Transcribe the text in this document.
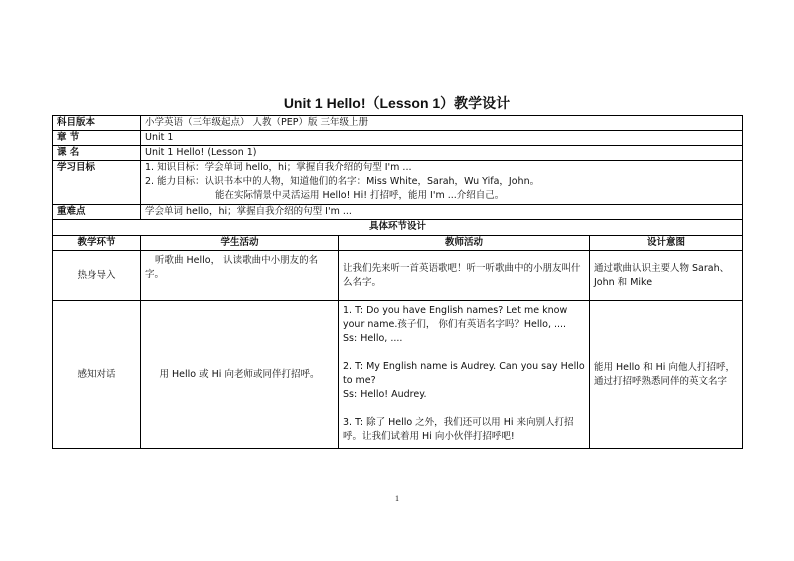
Unit 1 Hello!（Lesson 1）教学设计
科目版本	小学英语（三年级起点） 人教（PEP）版 三年级上册		
章 节	Unit 1		
课 名	Unit 1 Hello! (Lesson 1)		
学习目标	1. 知识目标：学会单词 hello，hi；掌握自我介绍的句型 I'm ...
2. 能力目标：认识书本中的人物，知道他们的名字：Miss White，Sarah，Wu Yifa，John。
能在实际情景中灵活运用 Hello! Hi! 打招呼，能用 I'm ...介绍自己。		

重难点	学会单词 hello，hi；掌握自我介绍的句型 I'm ...		
具体环节设计			
教学环节	学生活动	教师活动	设计意图
热身导入	听歌曲 Hello， 认读歌曲中小朋友的名字。	让我们先来听一首英语歌吧！听一听歌曲中的小朋友叫什么名字。	通过歌曲认识主要人物 Sarah、John 和 Mike
感知对话	用 Hello 或 Hi 向老师或同伴打招呼。	1. T: Do you have English names? Let me know your name.孩子们， 你们有英语名字吗？Hello, ....
Ss: Hello, ....
2. T: My English name is Audrey. Can you say Hello to me?
Ss: Hello! Audrey.
3. T: 除了 Hello 之外，我们还可以用 Hi 来向别人打招呼。让我们试着用 Hi 向小伙伴打招呼吧!	能用 Hello 和 Hi 向他人打招呼，通过打招呼熟悉同伴的英文名字
1
